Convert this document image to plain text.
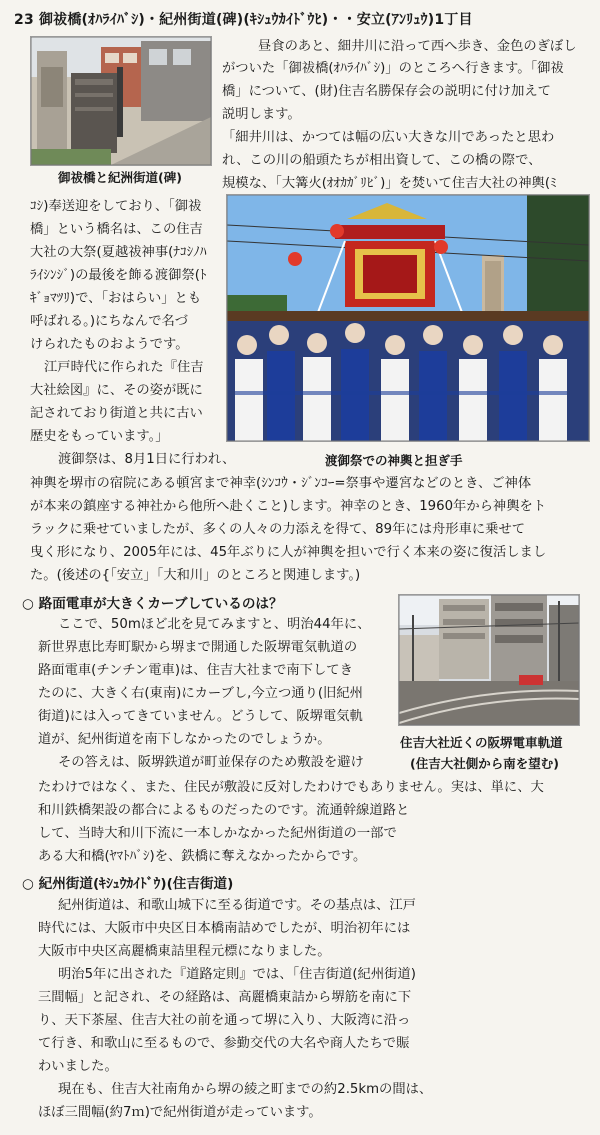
23 御祓橋(ｵﾊﾗｲﾊﾞｼ)・紀州街道(碑)(ｷｼｭｳｶｲﾄﾞｳﾋ)・・安立(ｱﾝﾘｭｳ)1丁目
御祓橋と紀洲街道(碑)
昼食のあと、細井川に沿って西へ歩き、金色のぎぼし
がついた「御祓橋(ｵﾊﾗｲﾊﾞｼ)」のところへ行きます。「御祓
橋」について、(財)住吉名勝保存会の説明に付け加えて
説明します。
「細井川は、かつては幅の広い大きな川であったと思わ
れ、この川の船頭たちが相出資して、この橋の際で、
規模な、「大篝火(ｵｵｶｶﾞﾘﾋﾞ)」を焚いて住吉大社の神輿(ﾐ
ｺｼ)奉送迎をしており、「御祓
橋」という橋名は、この住吉
大社の大祭(夏越祓神事(ﾅｺｼﾉﾊ
ﾗｲｼﾝｼﾞ)の最後を飾る渡御祭(ﾄ
ｷﾞｮﾏﾂﾘ)で、「おはらい」とも
呼ばれる。)にちなんで名づ
けられたものおようです。
江戸時代に作られた『住吉
大社絵図』に、その姿が既に
記されており街道と共に古い
歴史をもっています。」
渡御祭は、8月1日に行われ、	渡御祭での神輿と担ぎ手
神輿を堺市の宿院にある頓宮まで神幸(ｼﾝｺｳ・ｼﾞﾝｺｰ=祭事や遷宮などのとき、ご神体
が本来の鎮座する神社から他所へ赴くこと)します。神幸のとき、1960年から神輿をト
ラックに乗せていましたが、多くの人々の力添えを得て、89年には舟形車に乗せて
曳く形になり、2005年には、45年ぶりに人が神輿を担いで行く本来の姿に復活しまし
た。(後述の{「安立」「大和川」のところと関連します。)
○ 路面電車が大きくカーブしているのは？
ここで、50mほど北を見てみますと、明治44年に、
新世界恵比寿町駅から堺まで開通した阪堺電気軌道の
路面電車(チンチン電車)は、住吉大社まで南下してき
たのに、大きく右(東南)にカーブし,今立つ通り(旧紀州
街道)には入ってきていません。どうして、阪堺電気軌
道が、紀州街道を南下しなかったのでしょうか。
その答えは、阪堺鉄道が町並保存のため敷設を避け
住吉大社近くの阪堺電車軌道
(住吉大社側から南を望む)
たわけではなく、また、住民が敷設に反対したわけでもありません。実は、単に、大
和川鉄橋架設の都合によるものだったのです。流通幹線道路と
して、当時大和川下流に一本しかなかった紀州街道の一部で
ある大和橋(ﾔﾏﾄﾊﾞｼ)を、鉄橋に奪えなかったからです。
○ 紀州街道(ｷｼｭｳｶｲﾄﾞｳ)(住吉街道)
紀州街道は、和歌山城下に至る街道です。その基点は、江戸
時代には、大阪市中央区日本橋南詰めでしたが、明治初年には
大阪市中央区高麗橋東詰里程元標になりました。
明治5年に出された『道路定則』では、「住吉街道(紀州街道)
三間幅」と記され、その経路は、高麗橋東詰から堺筋を南に下
り、天下茶屋、住吉大社の前を通って堺に入り、大阪湾に沿っ
て行き、和歌山に至るもので、参勤交代の大名や商人たちで賑
わいました。
現在も、住吉大社南角から堺の綾之町までの約2.5kmの間は、
ほぼ三間幅(約7ｍ)で紀州街道が走っています。
